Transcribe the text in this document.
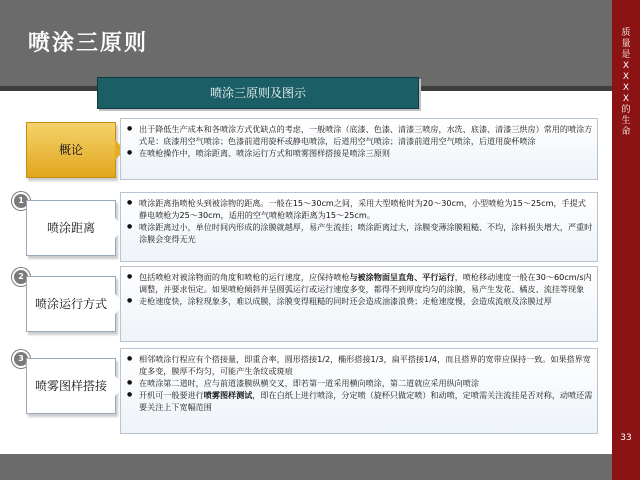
喷涂三原则	质
量
是
X
X
X
X
的
生
命
33
喷涂三原则及图示
概论
● 出于降低生产成本和各喷涂方式优缺点的考虑，一般喷涂（底漆、色漆、清漆三喷房，水洗、底漆、清漆三烘房）常用的喷涂方式是：底漆用空气喷涂；色漆前道用旋杯或静电喷涂，后道用空气喷涂；清漆前道用空气喷涂，后道用旋杯喷涂
● 在喷枪操作中，喷涂距离、喷涂运行方式和喷雾图样搭接是喷涂三原则
1
喷涂距离
● 喷涂距离指喷枪头到被涂物的距离。一般在15～30cm之间，采用大型喷枪时为20～30cm，小型喷枪为15～25cm，手提式静电喷枪为25～30cm，适用的空气喷枪喷涂距离为15～25cm。
● 喷涂距离过小，单位时间内形成的涂膜就越厚，易产生流挂；喷涂距离过大，涂膜变薄涂膜粗糙、不均，涂料损失增大，严重时涂膜会变得无光
2
喷涂运行方式
● 包括喷枪对被涂物面的角度和喷枪的运行速度，应保持喷枪与被涂物面呈直角、平行运行，喷枪移动速度一般在30～60cm/s内调整，并要求恒定。如果喷枪倾斜并呈圆弧运行或运行速度多变，都得不到厚度均匀的涂膜，易产生发花、橘皮、流挂等现象
● 走枪速度快，涂粒现象多，难以成膜，涂膜变得粗糙的同时还会造成油漆浪费；走枪速度慢，会造成流痕及涂膜过厚
3
喷雾图样搭接
● 相邻喷涂行程应有个搭接量，即重合率，圆形搭接1/2，椭形搭接1/3，扁平搭接1/4，而且搭界的宽带应保持一致。如果搭界宽度多变，膜厚不均匀，可能产生条纹或斑痕
● 在喷涂第二道时，应与前道漆膜纵横交叉，即若第一道采用横向喷涂，第二道就应采用纵向喷涂
● 开机可一般要进行喷雾图样测试，即在白纸上进行喷涂，分定喷（旋杯只做定喷）和动喷，定喷需关注流挂是否对称，动喷还需要关注上下宽幅范围
